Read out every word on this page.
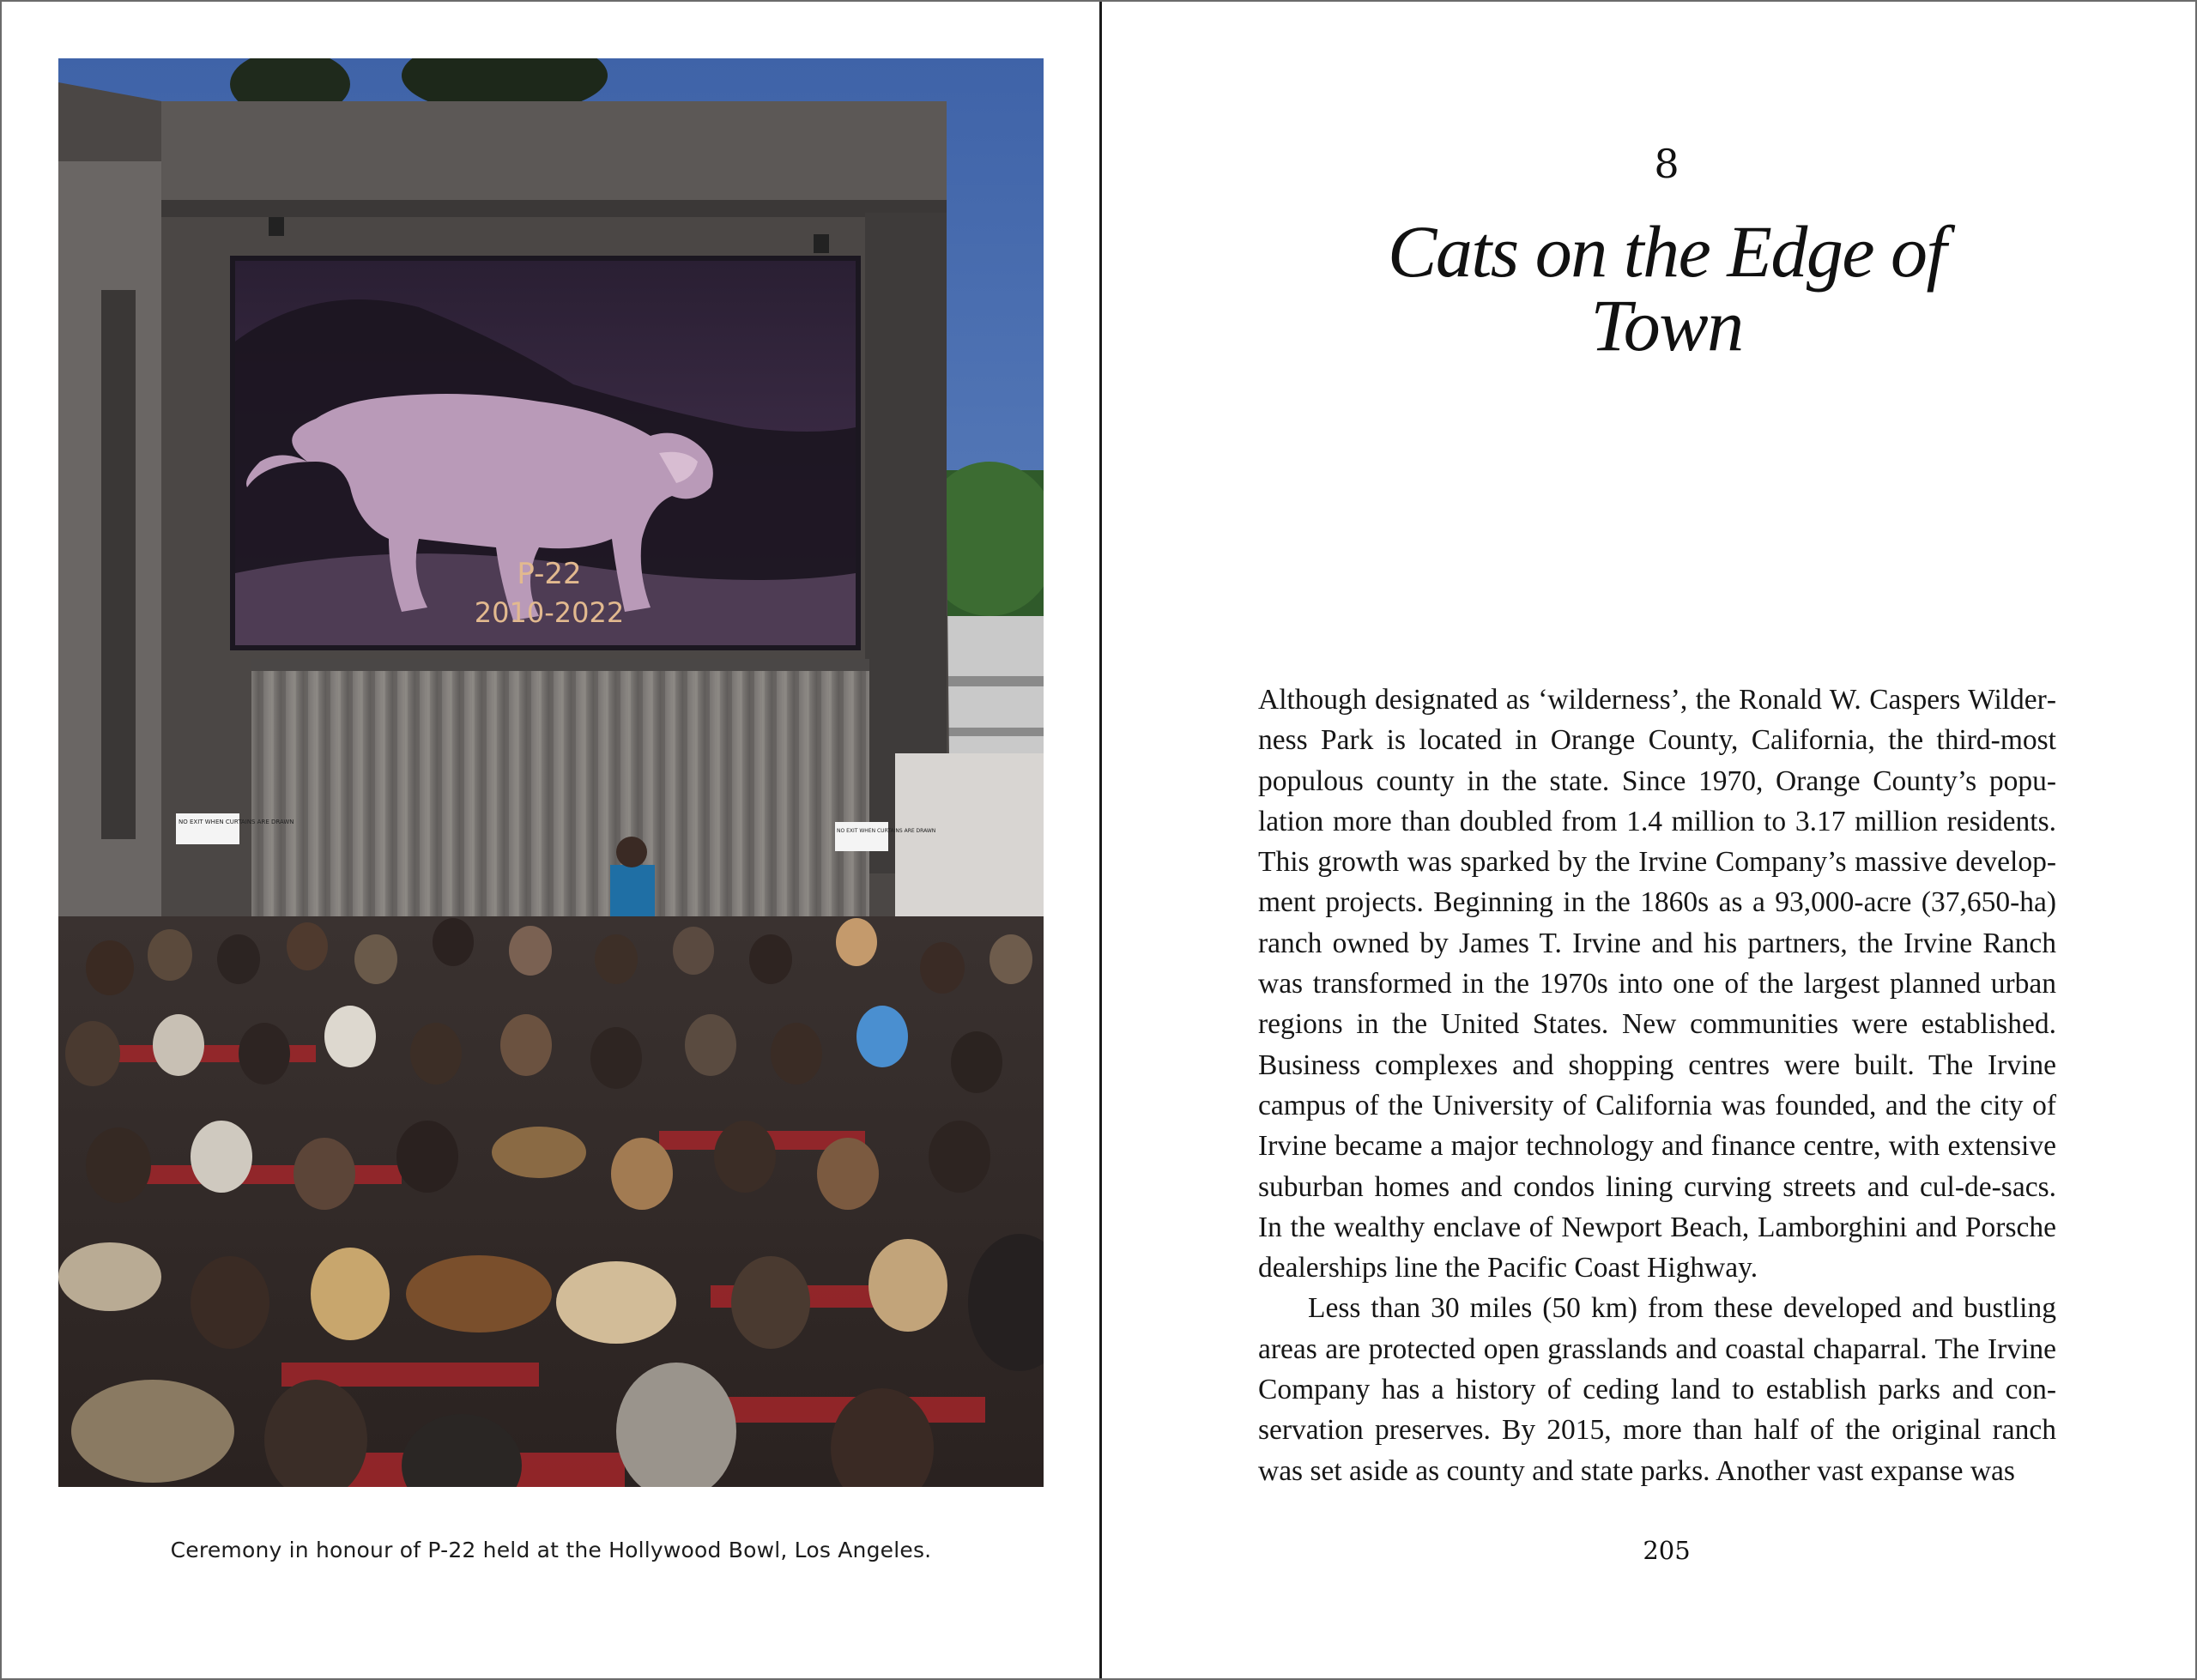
P-22
2010-2022
NO EXIT WHEN CURTAINS ARE DRAWN
NO EXIT WHEN CURTAINS ARE DRAWN
Ceremony in honour of P-22 held at the Hollywood Bowl, Los Angeles.
8
Cats on the Edge of
Town

Although designated as ‘wilderness’, the Ronald W. Caspers Wilderness Park is located in Orange County, California, the third-most populous county in the state. Since 1970, Orange County’s population more than doubled from 1.4 million to 3.17 million residents. This growth was sparked by the Irvine Company’s massive development projects. Beginning in the 1860s as a 93,000-acre (37,650-ha) ranch owned by James T. Irvine and his partners, the Irvine Ranch was transformed in the 1970s into one of the largest planned urban regions in the United States. New communities were established. Business complexes and shopping centres were built. The Irvine campus of the University of California was founded, and the city of Irvine became a major technology and finance centre, with extensive suburban homes and condos lining curving streets and cul-de-sacs. In the wealthy enclave of Newport Beach, Lamborghini and Porsche dealerships line the Pacific Coast Highway.

Less than 30 miles (50 km) from these developed and bustling areas are protected open grasslands and coastal chaparral. The Irvine Company has a history of ceding land to establish parks and conservation preserves. By 2015, more than half of the original ranch was set aside as county and state parks. Another vast expanse was

205
